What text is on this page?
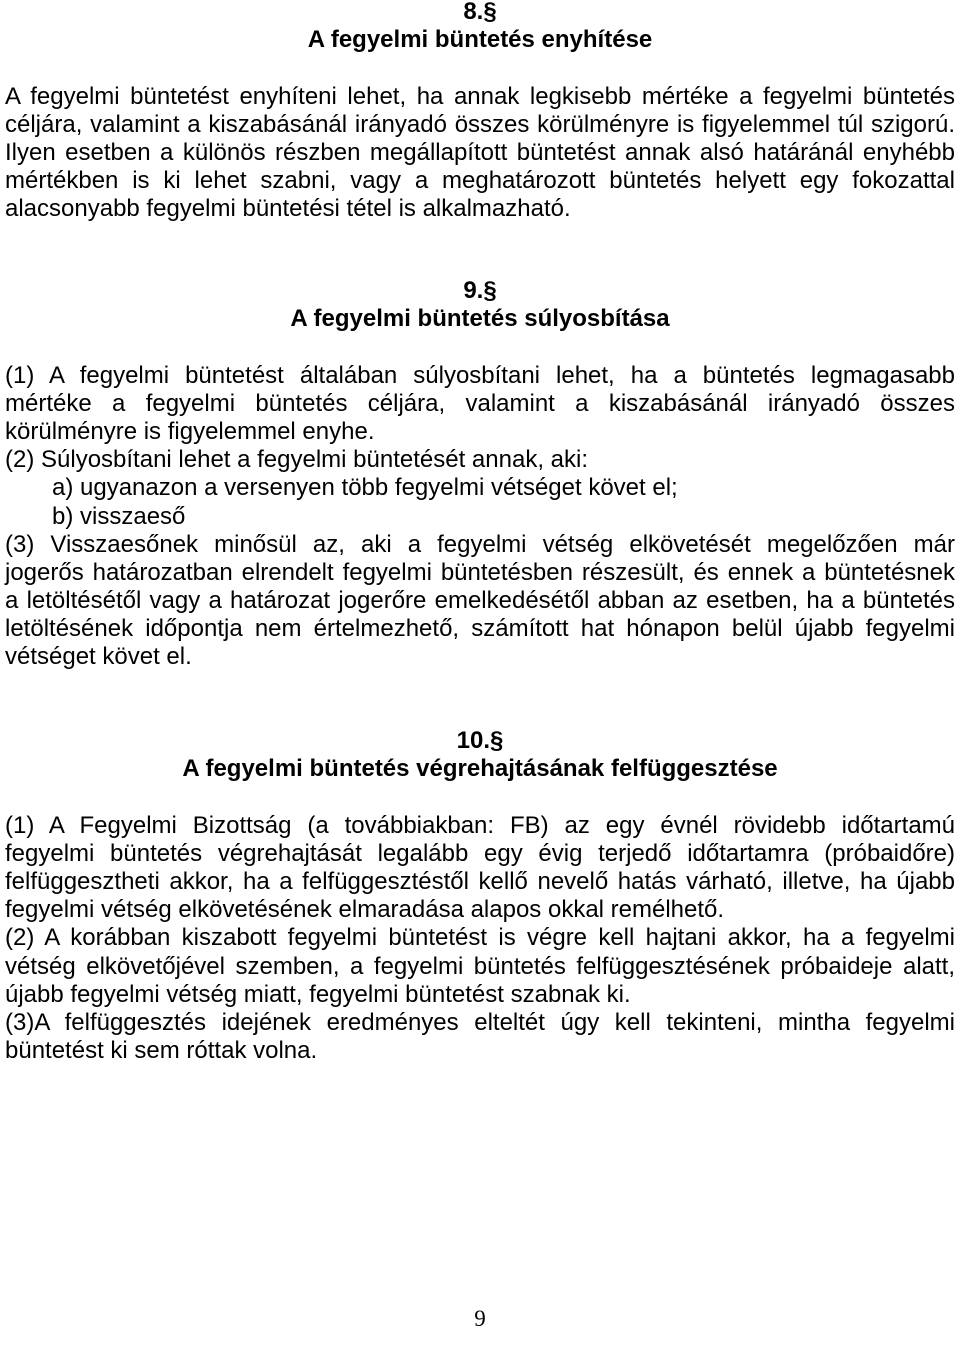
8.§
A fegyelmi büntetés enyhítése
A fegyelmi büntetést enyhíteni lehet, ha annak legkisebb mértéke a fegyelmi büntetés
céljára, valamint a kiszabásánál irányadó összes körülményre is figyelemmel túl szigorú.
Ilyen esetben a különös részben megállapított büntetést annak alsó határánál enyhébb
mértékben is ki lehet szabni, vagy a meghatározott büntetés helyett egy fokozattal
alacsonyabb fegyelmi büntetési tétel is alkalmazható.
9.§
A fegyelmi büntetés súlyosbítása
(1) A fegyelmi büntetést általában súlyosbítani lehet, ha a büntetés legmagasabb
mértéke a fegyelmi büntetés céljára, valamint a kiszabásánál irányadó összes
körülményre is figyelemmel enyhe.
(2) Súlyosbítani lehet a fegyelmi büntetését annak, aki:
a) ugyanazon a versenyen több fegyelmi vétséget követ el;
b) visszaeső
(3) Visszaesőnek minősül az, aki a fegyelmi vétség elkövetését megelőzően már
jogerős határozatban elrendelt fegyelmi büntetésben részesült, és ennek a büntetésnek
a letöltésétől vagy a határozat jogerőre emelkedésétől abban az esetben, ha a büntetés
letöltésének időpontja nem értelmezhető, számított hat hónapon belül újabb fegyelmi
vétséget követ el.
10.§
A fegyelmi büntetés végrehajtásának felfüggesztése
(1) A Fegyelmi Bizottság (a továbbiakban: FB) az egy évnél rövidebb időtartamú
fegyelmi büntetés végrehajtását legalább egy évig terjedő időtartamra (próbaidőre)
felfüggesztheti akkor, ha a felfüggesztéstől kellő nevelő hatás várható, illetve, ha újabb
fegyelmi vétség elkövetésének elmaradása alapos okkal remélhető.
(2) A korábban kiszabott fegyelmi büntetést is végre kell hajtani akkor, ha a fegyelmi
vétség elkövetőjével szemben, a fegyelmi büntetés felfüggesztésének próbaideje alatt,
újabb fegyelmi vétség miatt, fegyelmi büntetést szabnak ki.
(3)A felfüggesztés idejének eredményes elteltét úgy kell tekinteni, mintha fegyelmi
büntetést ki sem róttak volna.
9
